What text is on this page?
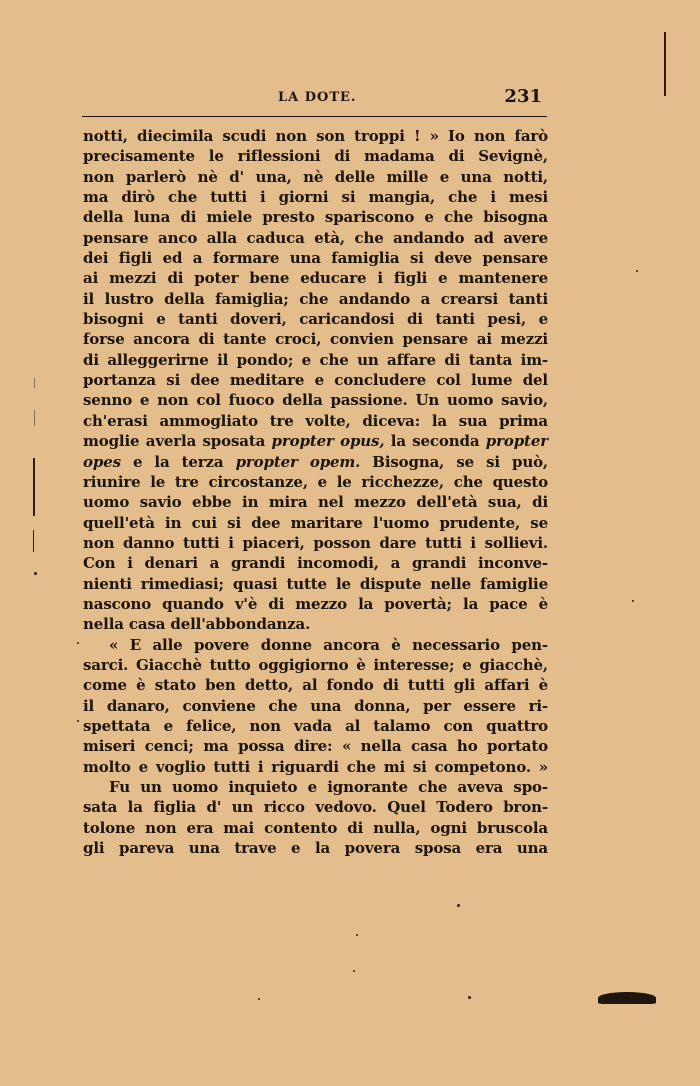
LA DOTE.	231
notti, diecimila scudi non son troppi ! » Io non farò
precisamente le riflessioni di madama di Sevignè,
non parlerò nè d' una, nè delle mille e una notti,
ma dirò che tutti i giorni si mangia, che i mesi
della luna di miele presto spariscono e che bisogna
pensare anco alla caduca età, che andando ad avere
dei figli ed a formare una famiglia si deve pensare
ai mezzi di poter bene educare i figli e mantenere
il lustro della famiglia; che andando a crearsi tanti
bisogni e tanti doveri, caricandosi di tanti pesi, e
forse ancora di tante croci, convien pensare ai mezzi
di alleggerirne il pondo; e che un affare di tanta im-
portanza si dee meditare e concludere col lume del
senno e non col fuoco della passione. Un uomo savio,
ch'erasi ammogliato tre volte, diceva: la sua prima
moglie averla sposata propter opus, la seconda propter
opes e la terza propter opem. Bisogna, se si può,
riunire le tre circostanze, e le ricchezze, che questo
uomo savio ebbe in mira nel mezzo dell'età sua, di
quell'età in cui si dee maritare l'uomo prudente, se
non danno tutti i piaceri, posson dare tutti i sollievi.
Con i denari a grandi incomodi, a grandi inconve-
nienti rimediasi; quasi tutte le dispute nelle famiglie
nascono quando v'è di mezzo la povertà; la pace è
nella casa dell'abbondanza.
« E alle povere donne ancora è necessario pen-
sarci. Giacchè tutto oggigiorno è interesse; e giacchè,
come è stato ben detto, al fondo di tutti gli affari è
il danaro, conviene che una donna, per essere ri-
spettata e felice, non vada al talamo con quattro
miseri cenci; ma possa dire: « nella casa ho portato
molto e voglio tutti i riguardi che mi si competono. »
Fu un uomo inquieto e ignorante che aveva spo-
sata la figlia d' un ricco vedovo. Quel Todero bron-
tolone non era mai contento di nulla, ogni bruscola
gli pareva una trave e la povera sposa era una
